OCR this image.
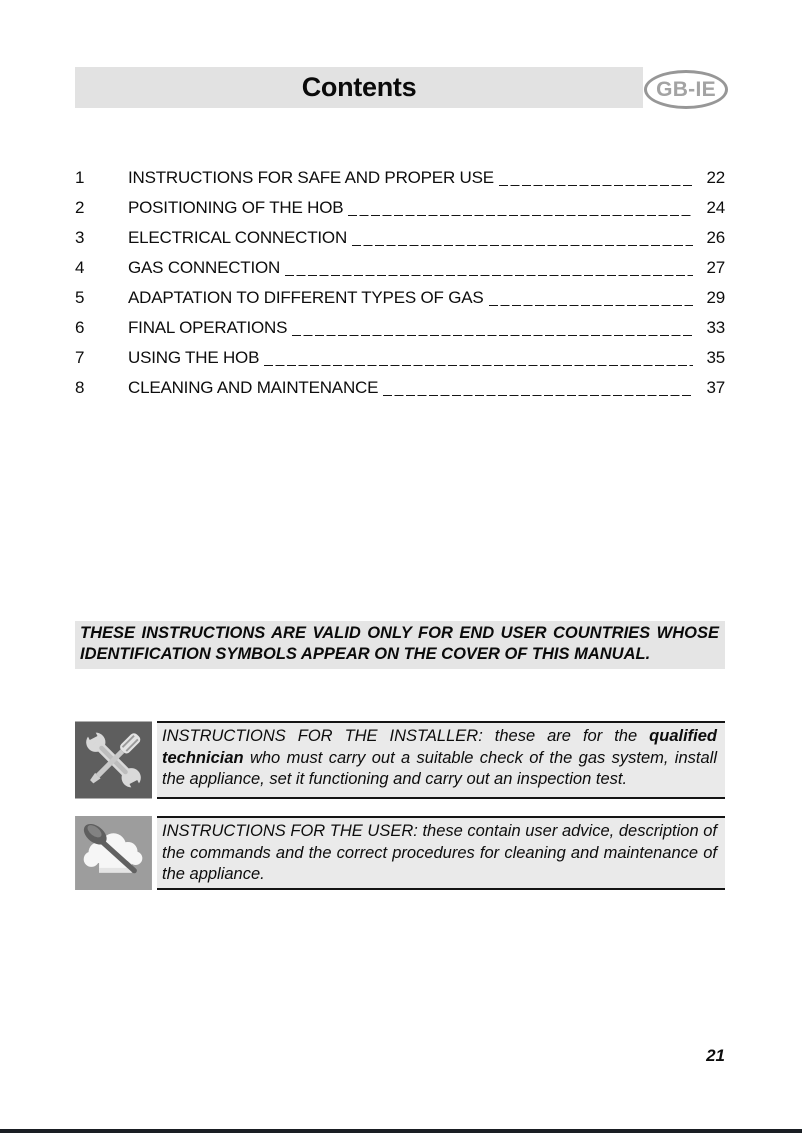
Contents	GB-IE
1	INSTRUCTIONS FOR SAFE AND PROPER USE	22
2	POSITIONING OF THE HOB	24
3	ELECTRICAL CONNECTION	26
4	GAS CONNECTION	27
5	ADAPTATION TO DIFFERENT TYPES OF GAS	29
6	FINAL OPERATIONS	33
7	USING THE HOB	35
8	CLEANING AND MAINTENANCE	37
THESE INSTRUCTIONS ARE VALID ONLY FOR END USER COUNTRIES WHOSE IDENTIFICATION SYMBOLS APPEAR ON THE COVER OF THIS MANUAL.
INSTRUCTIONS FOR THE INSTALLER: these are for the qualified technician who must carry out a suitable check of the gas system, install the appliance, set it functioning and carry out an inspection test.
INSTRUCTIONS FOR THE USER: these contain user advice, description of the commands and the correct procedures for cleaning and maintenance of the appliance.
21
